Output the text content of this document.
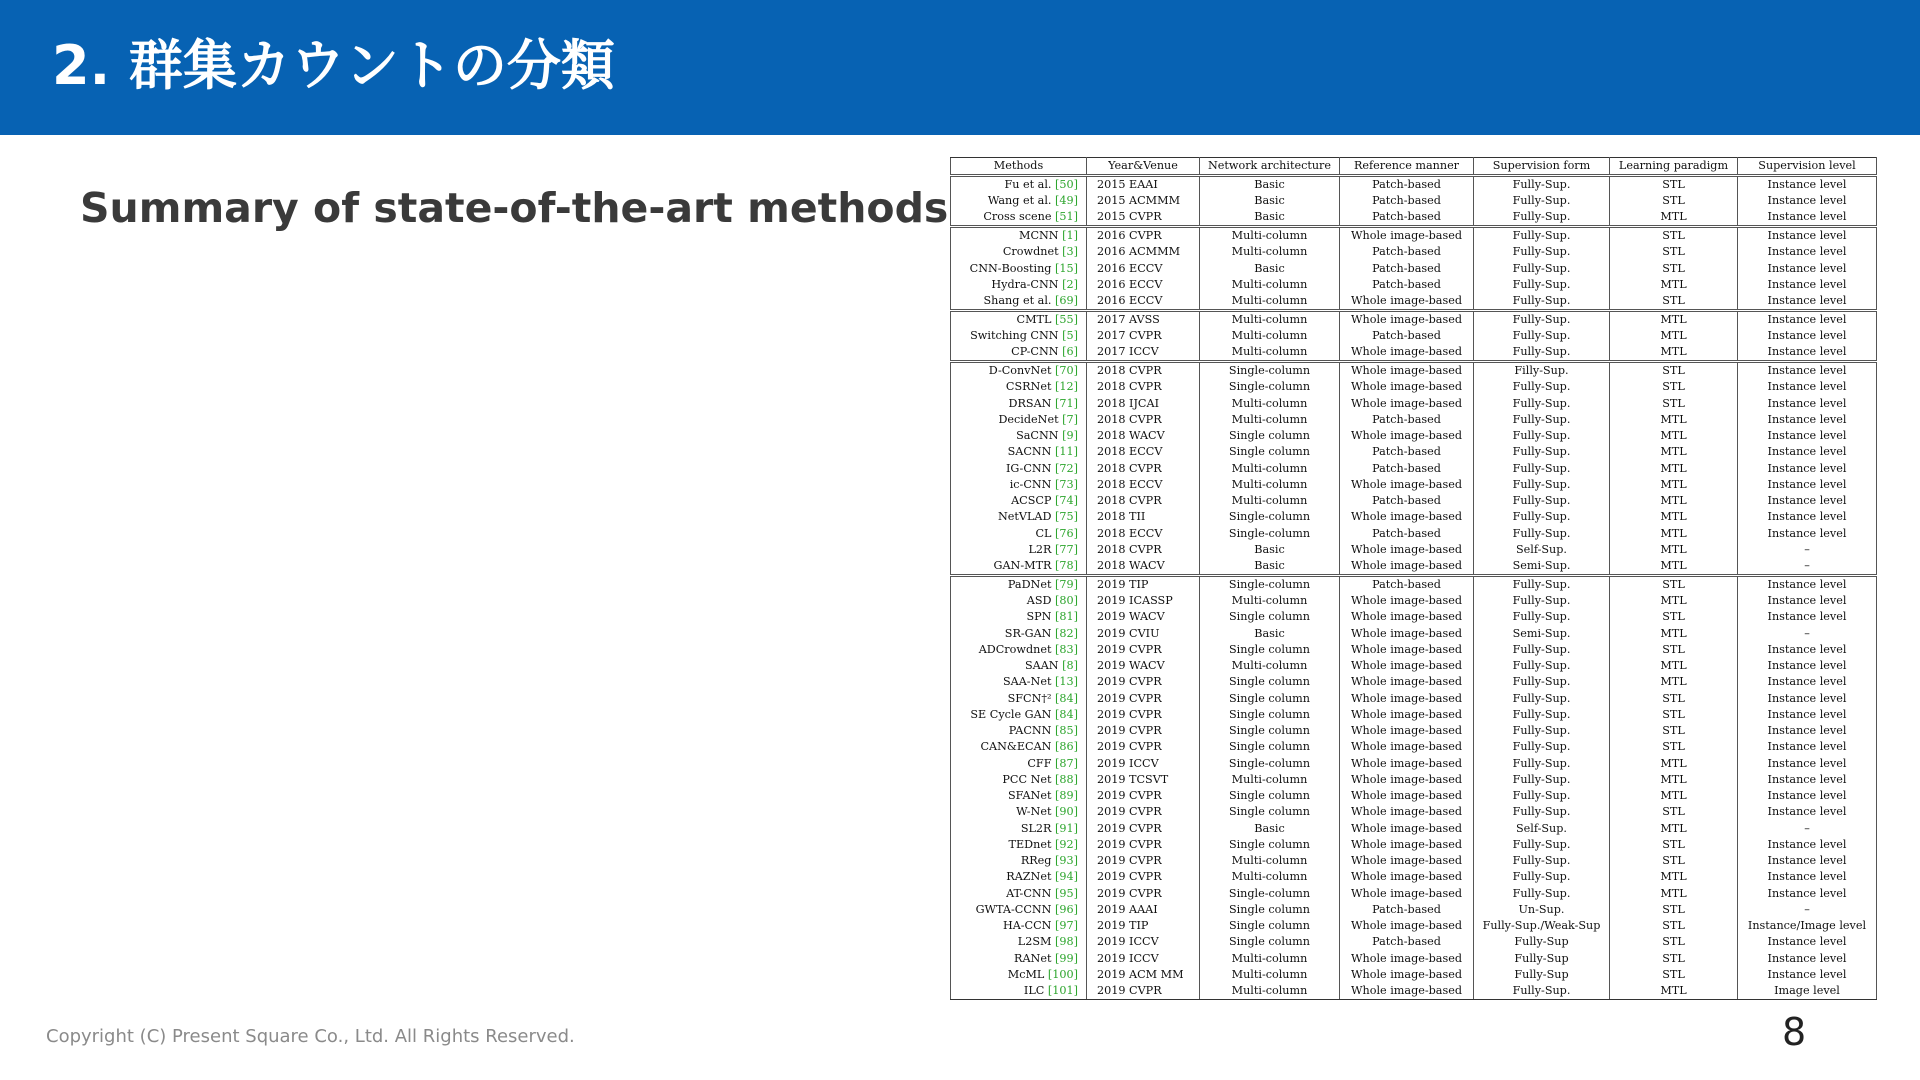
2. 群集カウントの分類
Summary of state-of-the-art methods
Methods	Year&Venue	Network architecture	Reference manner	Supervision form	Learning paradigm	Supervision level
Fu et al. [50]	2015 EAAI	Basic	Patch-based	Fully-Sup.	STL	Instance level
Wang et al. [49]	2015 ACMMM	Basic	Patch-based	Fully-Sup.	STL	Instance level
Cross scene [51]	2015 CVPR	Basic	Patch-based	Fully-Sup.	MTL	Instance level
MCNN [1]	2016 CVPR	Multi-column	Whole image-based	Fully-Sup.	STL	Instance level
Crowdnet [3]	2016 ACMMM	Multi-column	Patch-based	Fully-Sup.	STL	Instance level
CNN-Boosting [15]	2016 ECCV	Basic	Patch-based	Fully-Sup.	STL	Instance level
Hydra-CNN [2]	2016 ECCV	Multi-column	Patch-based	Fully-Sup.	MTL	Instance level
Shang et al. [69]	2016 ECCV	Multi-column	Whole image-based	Fully-Sup.	STL	Instance level
CMTL [55]	2017 AVSS	Multi-column	Whole image-based	Fully-Sup.	MTL	Instance level
Switching CNN [5]	2017 CVPR	Multi-column	Patch-based	Fully-Sup.	MTL	Instance level
CP-CNN [6]	2017 ICCV	Multi-column	Whole image-based	Fully-Sup.	MTL	Instance level
D-ConvNet [70]	2018 CVPR	Single-column	Whole image-based	Filly-Sup.	STL	Instance level
CSRNet [12]	2018 CVPR	Single-column	Whole image-based	Fully-Sup.	STL	Instance level
DRSAN [71]	2018 IJCAI	Multi-column	Whole image-based	Fully-Sup.	STL	Instance level
DecideNet [7]	2018 CVPR	Multi-column	Patch-based	Fully-Sup.	MTL	Instance level
SaCNN [9]	2018 WACV	Single column	Whole image-based	Fully-Sup.	MTL	Instance level
SACNN [11]	2018 ECCV	Single column	Patch-based	Fully-Sup.	MTL	Instance level
IG-CNN [72]	2018 CVPR	Multi-column	Patch-based	Fully-Sup.	MTL	Instance level
ic-CNN [73]	2018 ECCV	Multi-column	Whole image-based	Fully-Sup.	MTL	Instance level
ACSCP [74]	2018 CVPR	Multi-column	Patch-based	Fully-Sup.	MTL	Instance level
NetVLAD [75]	2018 TII	Single-column	Whole image-based	Fully-Sup.	MTL	Instance level
CL [76]	2018 ECCV	Single-column	Patch-based	Fully-Sup.	MTL	Instance level
L2R [77]	2018 CVPR	Basic	Whole image-based	Self-Sup.	MTL	–
GAN-MTR [78]	2018 WACV	Basic	Whole image-based	Semi-Sup.	MTL	–
PaDNet [79]	2019 TIP	Single-column	Patch-based	Fully-Sup.	STL	Instance level
ASD [80]	2019 ICASSP	Multi-column	Whole image-based	Fully-Sup.	MTL	Instance level
SPN [81]	2019 WACV	Single column	Whole image-based	Fully-Sup.	STL	Instance level
SR-GAN [82]	2019 CVIU	Basic	Whole image-based	Semi-Sup.	MTL	–
ADCrowdnet [83]	2019 CVPR	Single column	Whole image-based	Fully-Sup.	STL	Instance level
SAAN [8]	2019 WACV	Multi-column	Whole image-based	Fully-Sup.	MTL	Instance level
SAA-Net [13]	2019 CVPR	Single column	Whole image-based	Fully-Sup.	MTL	Instance level
SFCN†² [84]	2019 CVPR	Single column	Whole image-based	Fully-Sup.	STL	Instance level
SE Cycle GAN [84]	2019 CVPR	Single column	Whole image-based	Fully-Sup.	STL	Instance level
PACNN [85]	2019 CVPR	Single column	Whole image-based	Fully-Sup.	STL	Instance level
CAN&ECAN [86]	2019 CVPR	Single column	Whole image-based	Fully-Sup.	STL	Instance level
CFF [87]	2019 ICCV	Single-column	Whole image-based	Fully-Sup.	MTL	Instance level
PCC Net [88]	2019 TCSVT	Multi-column	Whole image-based	Fully-Sup.	MTL	Instance level
SFANet [89]	2019 CVPR	Single column	Whole image-based	Fully-Sup.	MTL	Instance level
W-Net [90]	2019 CVPR	Single column	Whole image-based	Fully-Sup.	STL	Instance level
SL2R [91]	2019 CVPR	Basic	Whole image-based	Self-Sup.	MTL	–
TEDnet [92]	2019 CVPR	Single column	Whole image-based	Fully-Sup.	STL	Instance level
RReg [93]	2019 CVPR	Multi-column	Whole image-based	Fully-Sup.	STL	Instance level
RAZNet [94]	2019 CVPR	Multi-column	Whole image-based	Fully-Sup.	MTL	Instance level
AT-CNN [95]	2019 CVPR	Single-column	Whole image-based	Fully-Sup.	MTL	Instance level
GWTA-CCNN [96]	2019 AAAI	Single column	Patch-based	Un-Sup.	STL	–
HA-CCN [97]	2019 TIP	Single column	Whole image-based	Fully-Sup./Weak-Sup	STL	Instance/Image level
L2SM [98]	2019 ICCV	Single column	Patch-based	Fully-Sup	STL	Instance level
RANet [99]	2019 ICCV	Multi-column	Whole image-based	Fully-Sup	STL	Instance level
McML [100]	2019 ACM MM	Multi-column	Whole image-based	Fully-Sup	STL	Instance level
ILC [101]	2019 CVPR	Multi-column	Whole image-based	Fully-Sup.	MTL	Image level
Copyright (C) Present Square Co., Ltd. All Rights Reserved.	8
